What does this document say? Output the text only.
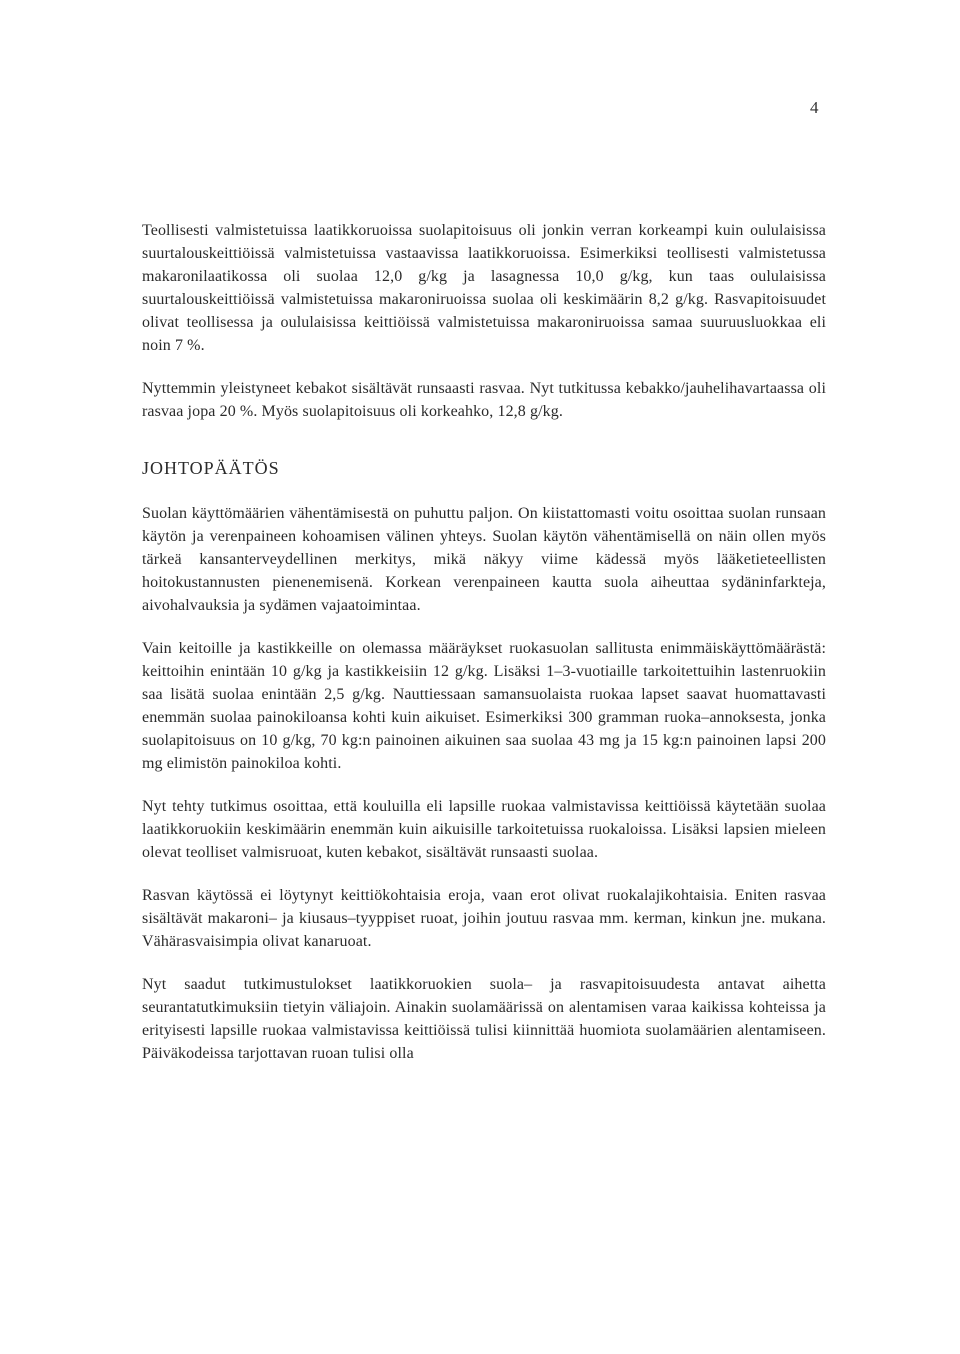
4

Teollisesti valmistetuissa laatikkoruoissa suolapitoisuus oli jonkin verran korkeampi kuin oululaisissa suurtalouskeittiöissä valmistetuissa vastaavissa laatikkoruoissa. Esimerkiksi teollisesti valmistetussa makaronilaatikossa oli suolaa 12,0 g/kg ja lasagnessa 10,0 g/kg, kun taas oululaisissa suurtalouskeittiöissä valmistetuissa makaroniruoissa suolaa oli keskimäärin 8,2 g/kg. Rasvapitoisuudet olivat teollisessa ja oululaisissa keittiöissä valmistetuissa makaroniruoissa samaa suuruusluokkaa eli noin 7 %.

Nyttemmin yleistyneet kebakot sisältävät runsaasti rasvaa. Nyt tutkitussa kebakko/jauhelihavartaassa oli rasvaa jopa 20 %. Myös suolapitoisuus oli korkeahko, 12,8 g/kg.

JOHTOPÄÄTÖS

Suolan käyttömäärien vähentämisestä on puhuttu paljon. On kiistattomasti voitu osoittaa suolan runsaan käytön ja verenpaineen kohoamisen välinen yhteys. Suolan käytön vähentämisellä on näin ollen myös tärkeä kansanterveydellinen merkitys, mikä näkyy viime kädessä myös lääketieteellisten hoitokustannusten pienenemisenä. Korkean verenpaineen kautta suola aiheuttaa sydäninfarkteja, aivohalvauksia ja sydämen vajaatoimintaa.

Vain keitoille ja kastikkeille on olemassa määräykset ruokasuolan sallitusta enimmäiskäyttömäärästä: keittoihin enintään 10 g/kg ja kastikkeisiin 12 g/kg. Lisäksi 1–3-vuotiaille tarkoitettuihin lastenruokiin saa lisätä suolaa enintään 2,5 g/kg. Nauttiessaan samansuolaista ruokaa lapset saavat huomattavasti enemmän suolaa painokiloansa kohti kuin aikuiset. Esimerkiksi 300 gramman ruoka–annoksesta, jonka suolapitoisuus on 10 g/kg, 70 kg:n painoinen aikuinen saa suolaa 43 mg ja 15 kg:n painoinen lapsi 200 mg elimistön painokiloa kohti.

Nyt tehty tutkimus osoittaa, että kouluilla eli lapsille ruokaa valmistavissa keittiöissä käytetään suolaa laatikkoruokiin keskimäärin enemmän kuin aikuisille tarkoitetuissa ruokaloissa. Lisäksi lapsien mieleen olevat teolliset valmisruoat, kuten kebakot, sisältävät runsaasti suolaa.

Rasvan käytössä ei löytynyt keittiökohtaisia eroja, vaan erot olivat ruokalajikohtaisia. Eniten rasvaa sisältävät makaroni– ja kiusaus–tyyppiset ruoat, joihin joutuu rasvaa mm. kerman, kinkun jne. mukana. Vähärasvaisimpia olivat kanaruoat.

Nyt saadut tutkimustulokset laatikkoruokien suola– ja rasvapitoisuudesta antavat aihetta seurantatutkimuksiin tietyin väliajoin. Ainakin suolamäärissä on alentamisen varaa kaikissa kohteissa ja erityisesti lapsille ruokaa valmistavissa keittiöissä tulisi kiinnittää huomiota suolamäärien alentamiseen. Päiväkodeissa tarjottavan ruoan tulisi olla
